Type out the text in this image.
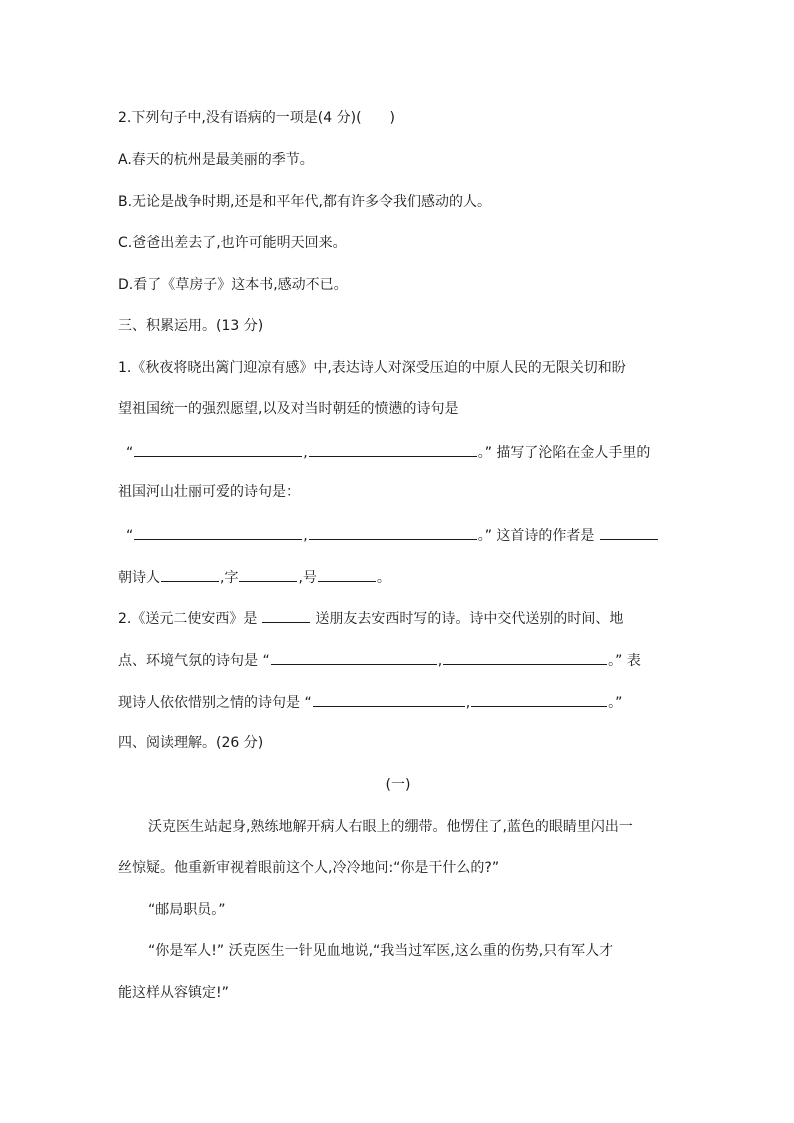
2.下列句子中,没有语病的一项是(4 分)(　　)
A.春天的杭州是最美丽的季节。
B.无论是战争时期,还是和平年代,都有许多令我们感动的人。
C.爸爸出差去了,也许可能明天回来。
D.看了《草房子》这本书,感动不已。
三、积累运用。(13 分)
1.《秋夜将晓出篱门迎凉有感》中,表达诗人对深受压迫的中原人民的无限关切和盼
望祖国统一的强烈愿望,以及对当时朝廷的愤懑的诗句是
“	,	。” 描写了沦陷在金人手里的
祖国河山壮丽可爱的诗句是：
“	,	。” 这首诗的作者是
朝诗人	,字	,号	。
2.《送元二使安西》是	送朋友去安西时写的诗。诗中交代送别的时间、地
点、环境气氛的诗句是 “	,	。” 表
现诗人依依惜别之情的诗句是 “	,	。”
四、阅读理解。(26 分)
(一)
沃克医生站起身,熟练地解开病人右眼上的绷带。他愣住了,蓝色的眼睛里闪出一
丝惊疑。他重新审视着眼前这个人,冷冷地问:“你是干什么的?”
“邮局职员。”
“你是军人!” 沃克医生一针见血地说,“我当过军医,这么重的伤势,只有军人才
能这样从容镇定!”
